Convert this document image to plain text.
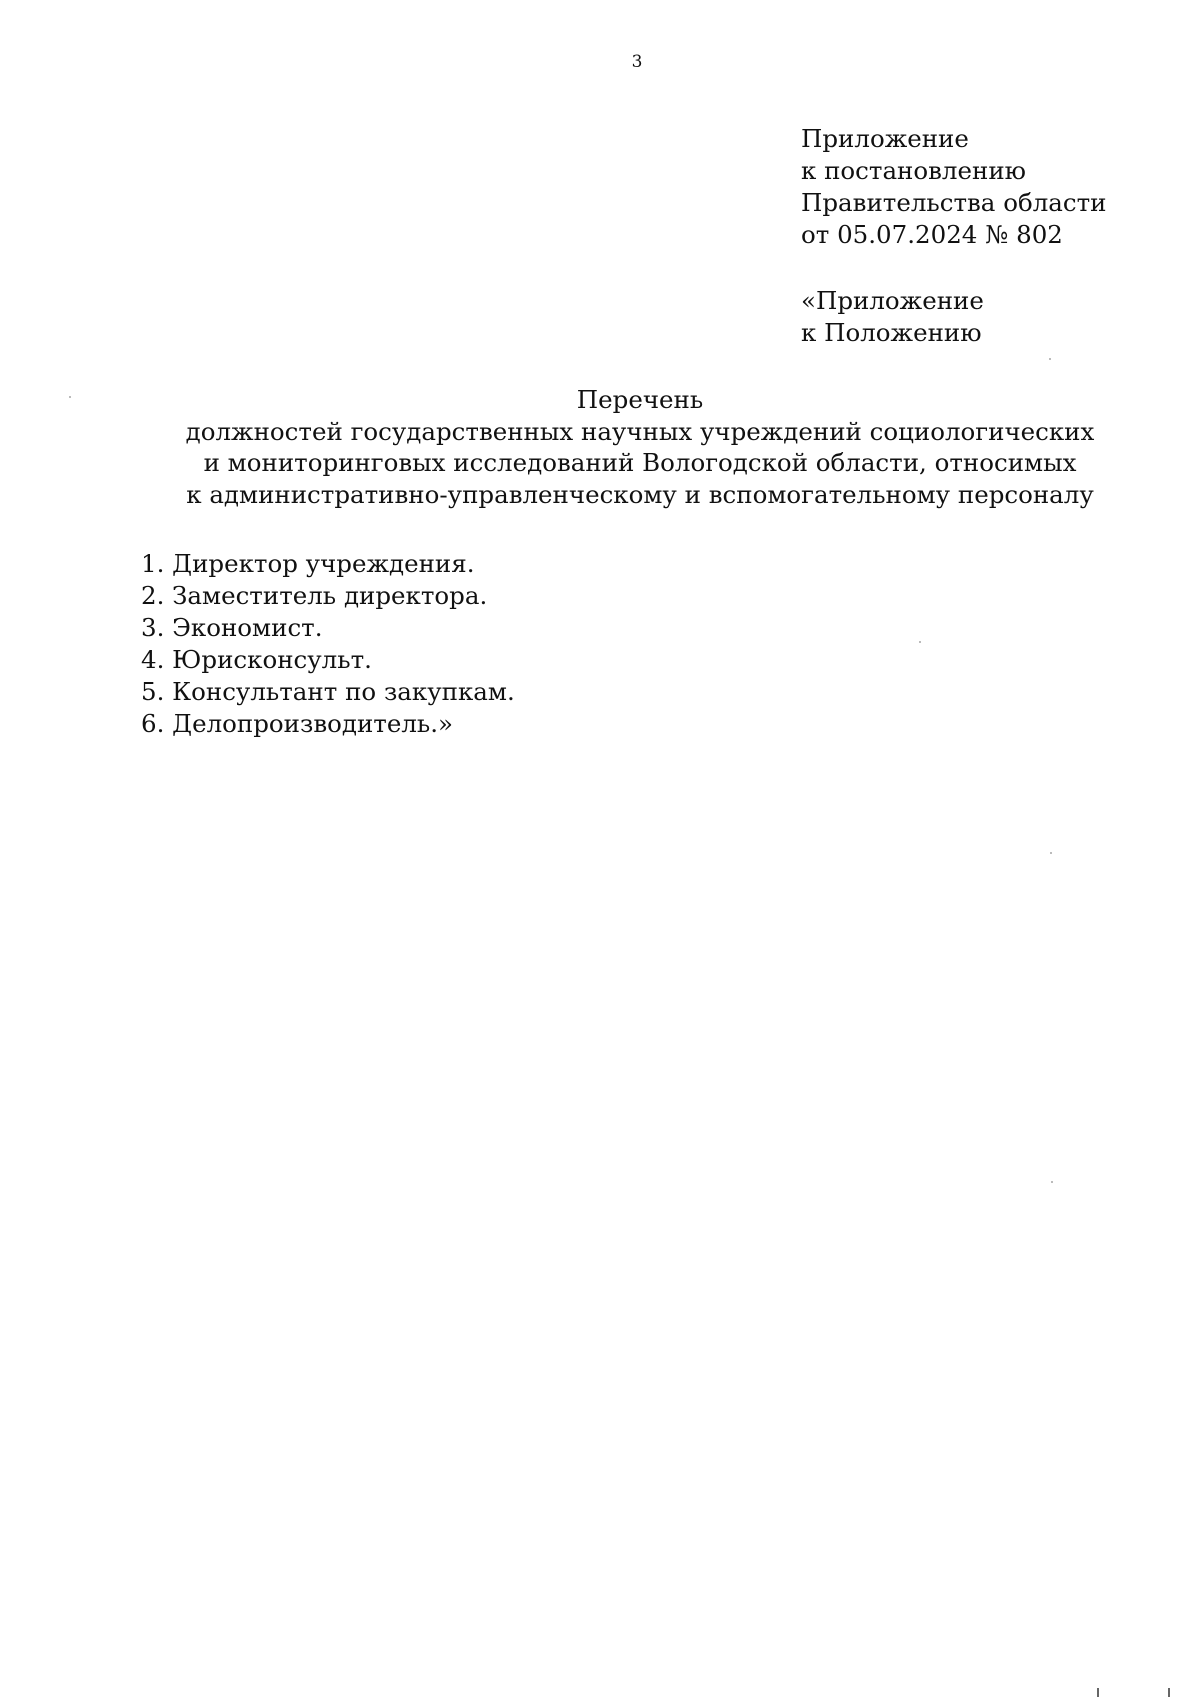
3
Приложение
к постановлению
Правительства области
от 05.07.2024 № 802
«Приложение
к Положению
Перечень
должностей государственных научных учреждений социологических
и мониторинговых исследований Вологодской области, относимых
к административно-управленческому и вспомогательному персоналу
1. Директор учреждения.
2. Заместитель директора.
3. Экономист.
4. Юрисконсульт.
5. Консультант по закупкам.
6. Делопроизводитель.»
